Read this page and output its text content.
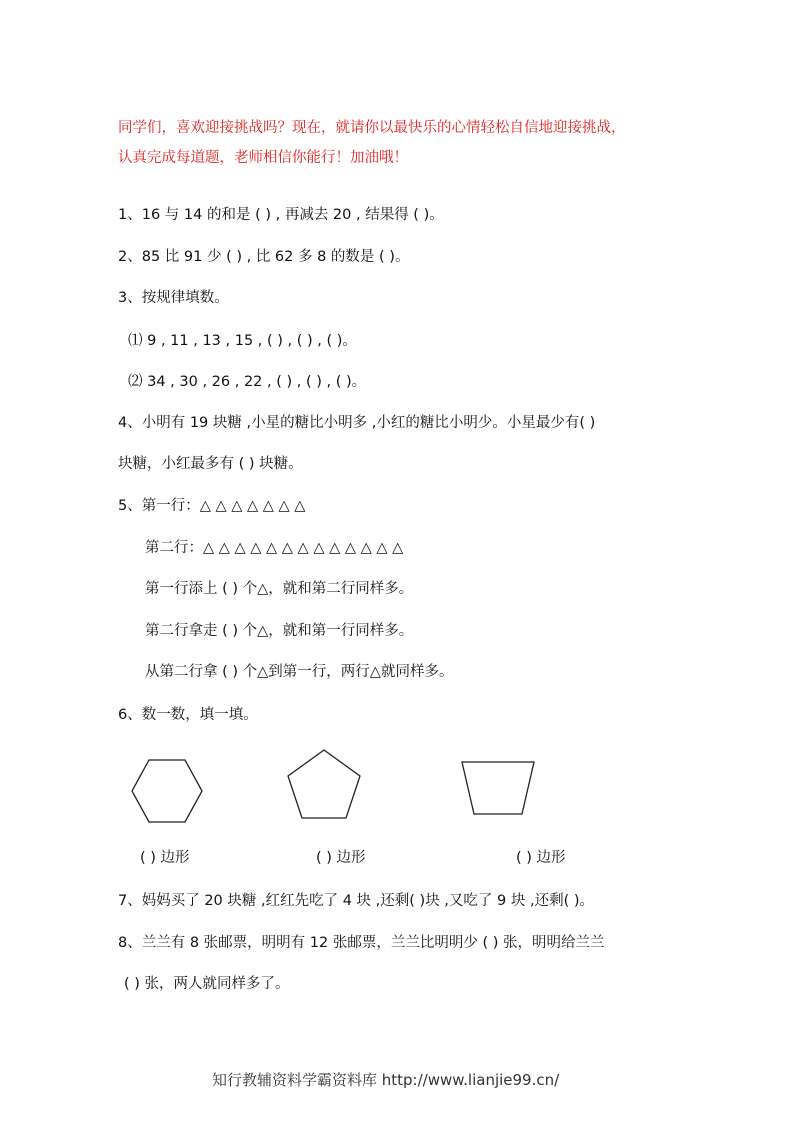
同学们，喜欢迎接挑战吗？现在，就请你以最快乐的心情轻松自信地迎接挑战，
认真完成每道题，老师相信你能行！加油哦！
1、16 与 14 的和是 ( ) , 再减去 20 , 结果得 ( )。
2、85 比 91 少 ( ) , 比 62 多 8 的数是 ( )。
3、按规律填数。
⑴ 9 , 11 , 13 , 15 , ( ) , ( ) , ( )。
⑵ 34 , 30 , 26 , 22 , ( ) , ( ) , ( )。
4、小明有 19 块糖 ,小星的糖比小明多 ,小红的糖比小明少。小星最少有( )
块糖，小红最多有 ( ) 块糖。
5、第一行：△ △ △ △ △ △ △
第二行：△ △ △ △ △ △ △ △ △ △ △ △ △
第一行添上 ( ) 个△，就和第二行同样多。
第二行拿走 ( ) 个△，就和第一行同样多。
从第二行拿 ( ) 个△到第一行，两行△就同样多。
6、数一数，填一填。
( ) 边形	( ) 边形	( ) 边形
7、妈妈买了 20 块糖 ,红红先吃了 4 块 ,还剩( )块 ,又吃了 9 块 ,还剩( )。
8、兰兰有 8 张邮票，明明有 12 张邮票，兰兰比明明少 ( ) 张，明明给兰兰
( ) 张，两人就同样多了。
知行教辅资料学霸资料库 http://www.lianjie99.cn/
